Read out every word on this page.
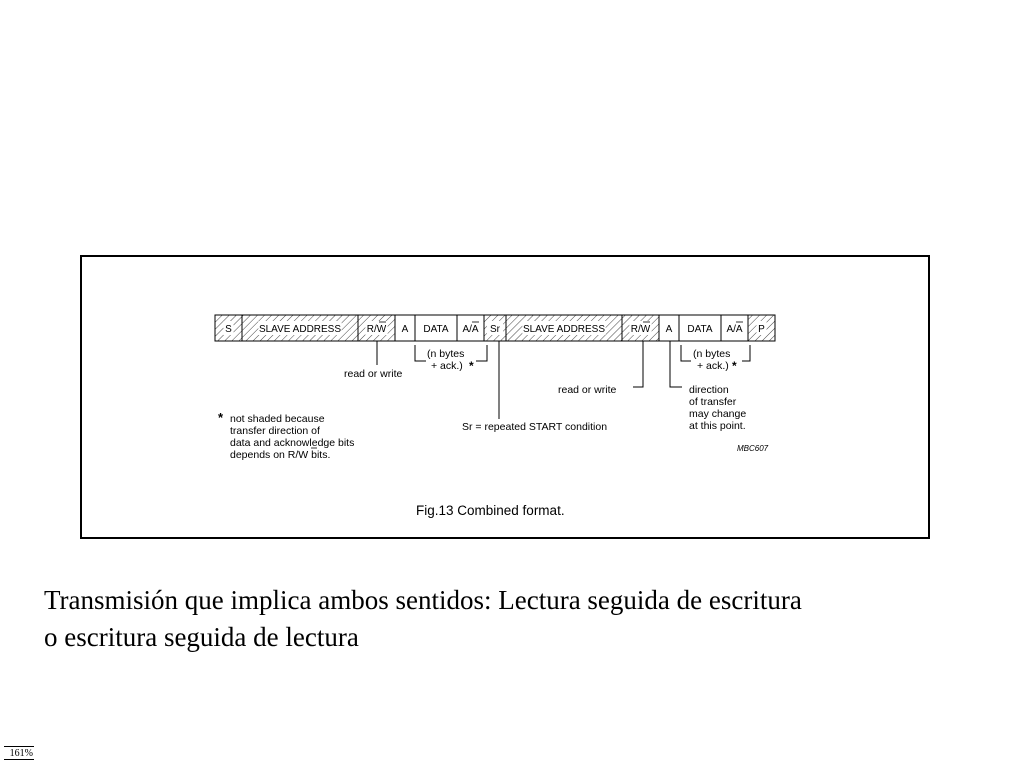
S	SLAVE ADDRESS	R/W A DATA A/A Sr SLAVE ADDRESS	R/W A DATA A/A P
read or write
(n bytes
+ ack.) *
read or write
(n bytes
+ ack.) *
Sr = repeated START condition
direction
of transfer
may change
at this point.
* not shaded because
transfer direction of
data and acknowledge bits
depends on R/W bits.
MBC607
Fig.13 Combined format.
Transmisión que implica ambos sentidos: Lectura seguida de escritura
o escritura seguida de lectura
161%
